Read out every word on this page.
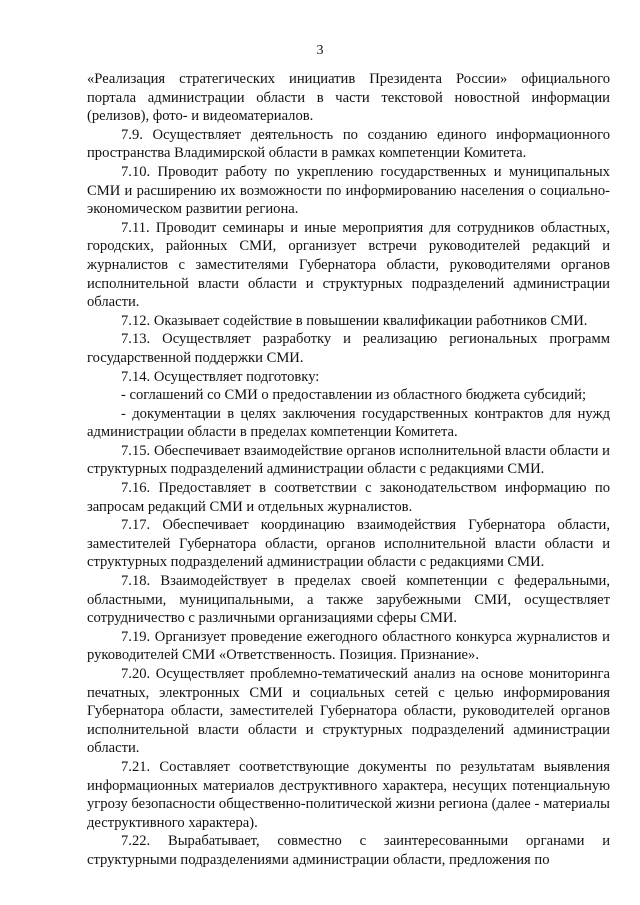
3

«Реализация стратегических инициатив Президента России» официального портала администрации области в части текстовой новостной информации (релизов), фото- и видеоматериалов.

7.9. Осуществляет деятельность по созданию единого информационного пространства Владимирской области в рамках компетенции Комитета.

7.10. Проводит работу по укреплению государственных и муниципальных СМИ и расширению их возможности по информированию населения о социально-экономическом развитии региона.

7.11. Проводит семинары и иные мероприятия для сотрудников областных, городских, районных СМИ, организует встречи руководителей редакций и журналистов с заместителями Губернатора области, руководителями органов исполнительной власти области и структурных подразделений администрации области.

7.12. Оказывает содействие в повышении квалификации работников СМИ.

7.13. Осуществляет разработку и реализацию региональных программ государственной поддержки СМИ.

7.14. Осуществляет подготовку:

- соглашений со СМИ о предоставлении из областного бюджета субсидий;

- документации в целях заключения государственных контрактов для нужд администрации области в пределах компетенции Комитета.

7.15. Обеспечивает взаимодействие органов исполнительной власти области и структурных подразделений администрации области с редакциями СМИ.

7.16. Предоставляет в соответствии с законодательством информацию по запросам редакций СМИ и отдельных журналистов.

7.17. Обеспечивает координацию взаимодействия Губернатора области, заместителей Губернатора области, органов исполнительной власти области и структурных подразделений администрации области с редакциями СМИ.

7.18. Взаимодействует в пределах своей компетенции с федеральными, областными, муниципальными, а также зарубежными СМИ, осуществляет сотрудничество с различными организациями сферы СМИ.

7.19. Организует проведение ежегодного областного конкурса журналистов и руководителей СМИ «Ответственность. Позиция. Признание».

7.20. Осуществляет проблемно-тематический анализ на основе мониторинга печатных, электронных СМИ и социальных сетей с целью информирования Губернатора области, заместителей Губернатора области, руководителей органов исполнительной власти области и структурных подразделений администрации области.

7.21. Составляет соответствующие документы по результатам выявления информационных материалов деструктивного характера, несущих потенциальную угрозу безопасности общественно-политической жизни региона (далее - материалы деструктивного характера).

7.22. Вырабатывает, совместно с заинтересованными органами и структурными подразделениями администрации области, предложения по
